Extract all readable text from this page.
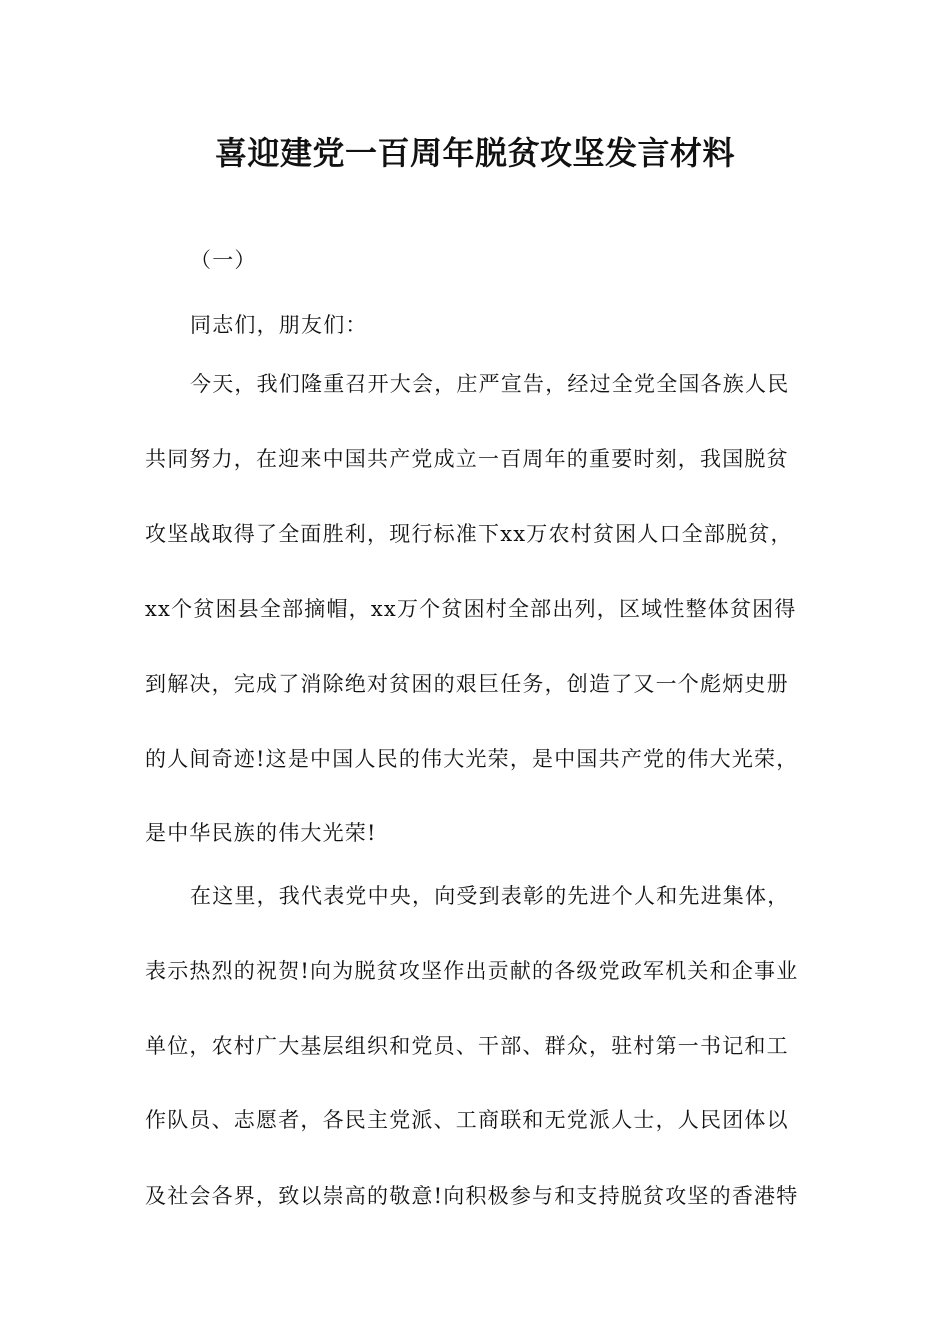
喜迎建党一百周年脱贫攻坚发言材料
（一）
同志们，朋友们：
今天，我们隆重召开大会，庄严宣告，经过全党全国各族人民
共同努力，在迎来中国共产党成立一百周年的重要时刻，我国脱贫
攻坚战取得了全面胜利，现行标准下xx万农村贫困人口全部脱贫，
xx个贫困县全部摘帽，xx万个贫困村全部出列，区域性整体贫困得
到解决，完成了消除绝对贫困的艰巨任务，创造了又一个彪炳史册
的人间奇迹!这是中国人民的伟大光荣，是中国共产党的伟大光荣，
是中华民族的伟大光荣!
在这里，我代表党中央，向受到表彰的先进个人和先进集体，
表示热烈的祝贺!向为脱贫攻坚作出贡献的各级党政军机关和企事业
单位，农村广大基层组织和党员、干部、群众，驻村第一书记和工
作队员、志愿者，各民主党派、工商联和无党派人士，人民团体以
及社会各界，致以崇高的敬意!向积极参与和支持脱贫攻坚的香港特
